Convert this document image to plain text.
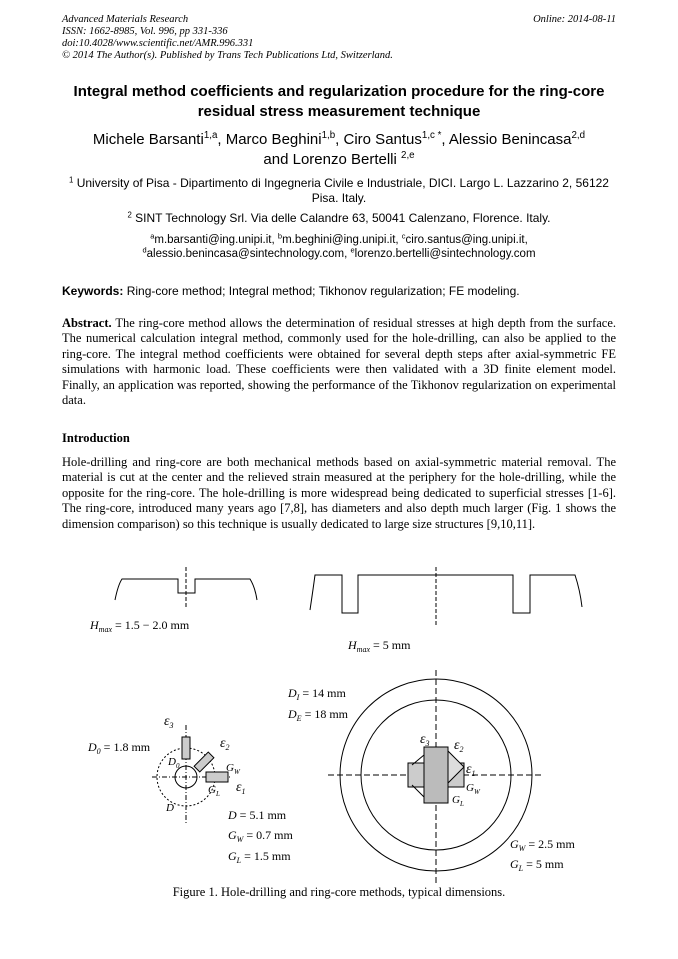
Advanced Materials Research
ISSN: 1662-8985, Vol. 996, pp 331-336
doi:10.4028/www.scientific.net/AMR.996.331
© 2014 The Author(s). Published by Trans Tech Publications Ltd, Switzerland.
Online: 2014-08-11
Integral method coefficients and regularization procedure for the ring-core residual stress measurement technique
Michele Barsanti$^{1,a}$, Marco Beghini$^{1,b}$, Ciro Santus$^{1,c *}$, Alessio Benincasa$^{2,d}$
and Lorenzo Bertelli $^{2,e}$
$^1$ University of Pisa - Dipartimento di Ingegneria Civile e Industriale, DICI. Largo L. Lazzarino 2, 56122 Pisa. Italy.
$^2$ SINT Technology Srl. Via delle Calandre 63, 50041 Calenzano, Florence. Italy.
$^a$m.barsanti@ing.unipi.it, $^b$m.beghini@ing.unipi.it, $^c$ciro.santus@ing.unipi.it,
$^d$alessio.benincasa@sintechnology.com, $^e$lorenzo.bertelli@sintechnology.com
Keywords: Ring-core method; Integral method; Tikhonov regularization; FE modeling.
Abstract. The ring-core method allows the determination of residual stresses at high depth from the surface. The numerical calculation integral method, commonly used for the hole-drilling, can also be applied to the ring-core. The integral method coefficients were obtained for several depth steps after axial-symmetric FE simulations with harmonic load. These coefficients were then validated with a 3D finite element model. Finally, an application was reported, showing the performance of the Tikhonov regularization on experimental data.
Introduction
Hole-drilling and ring-core are both mechanical methods based on axial-symmetric material removal. The material is cut at the center and the relieved strain measured at the periphery for the hole-drilling, while the opposite for the ring-core. The hole-drilling is more widespread being dedicated to superficial stresses [1-6]. The ring-core, introduced many years ago [7,8], has diameters and also depth much larger (Fig. 1 shows the dimension comparison) so this technique is usually dedicated to large size structures [9,10,11].
$H_{max} = 1.5 - 2.0$ mm
$H_{max} = 5$ mm
$D_I = 14$ mm
$D_E = 18$ mm
$D_0 = 1.8$ mm
$\varepsilon_3$
$\varepsilon_2$
$\varepsilon_1$
$D_0$
D
$G_W$
$G_L$
D = 5.1 mm
$G_W = 0.7$ mm
$G_L = 1.5$ mm
$\varepsilon_3$ $\varepsilon_2$
$\varepsilon_1$
$G_W$
$G_L$
$G_W = 2.5$ mm
$G_L = 5$ mm
Figure 1. Hole-drilling and ring-core methods, typical dimensions.
